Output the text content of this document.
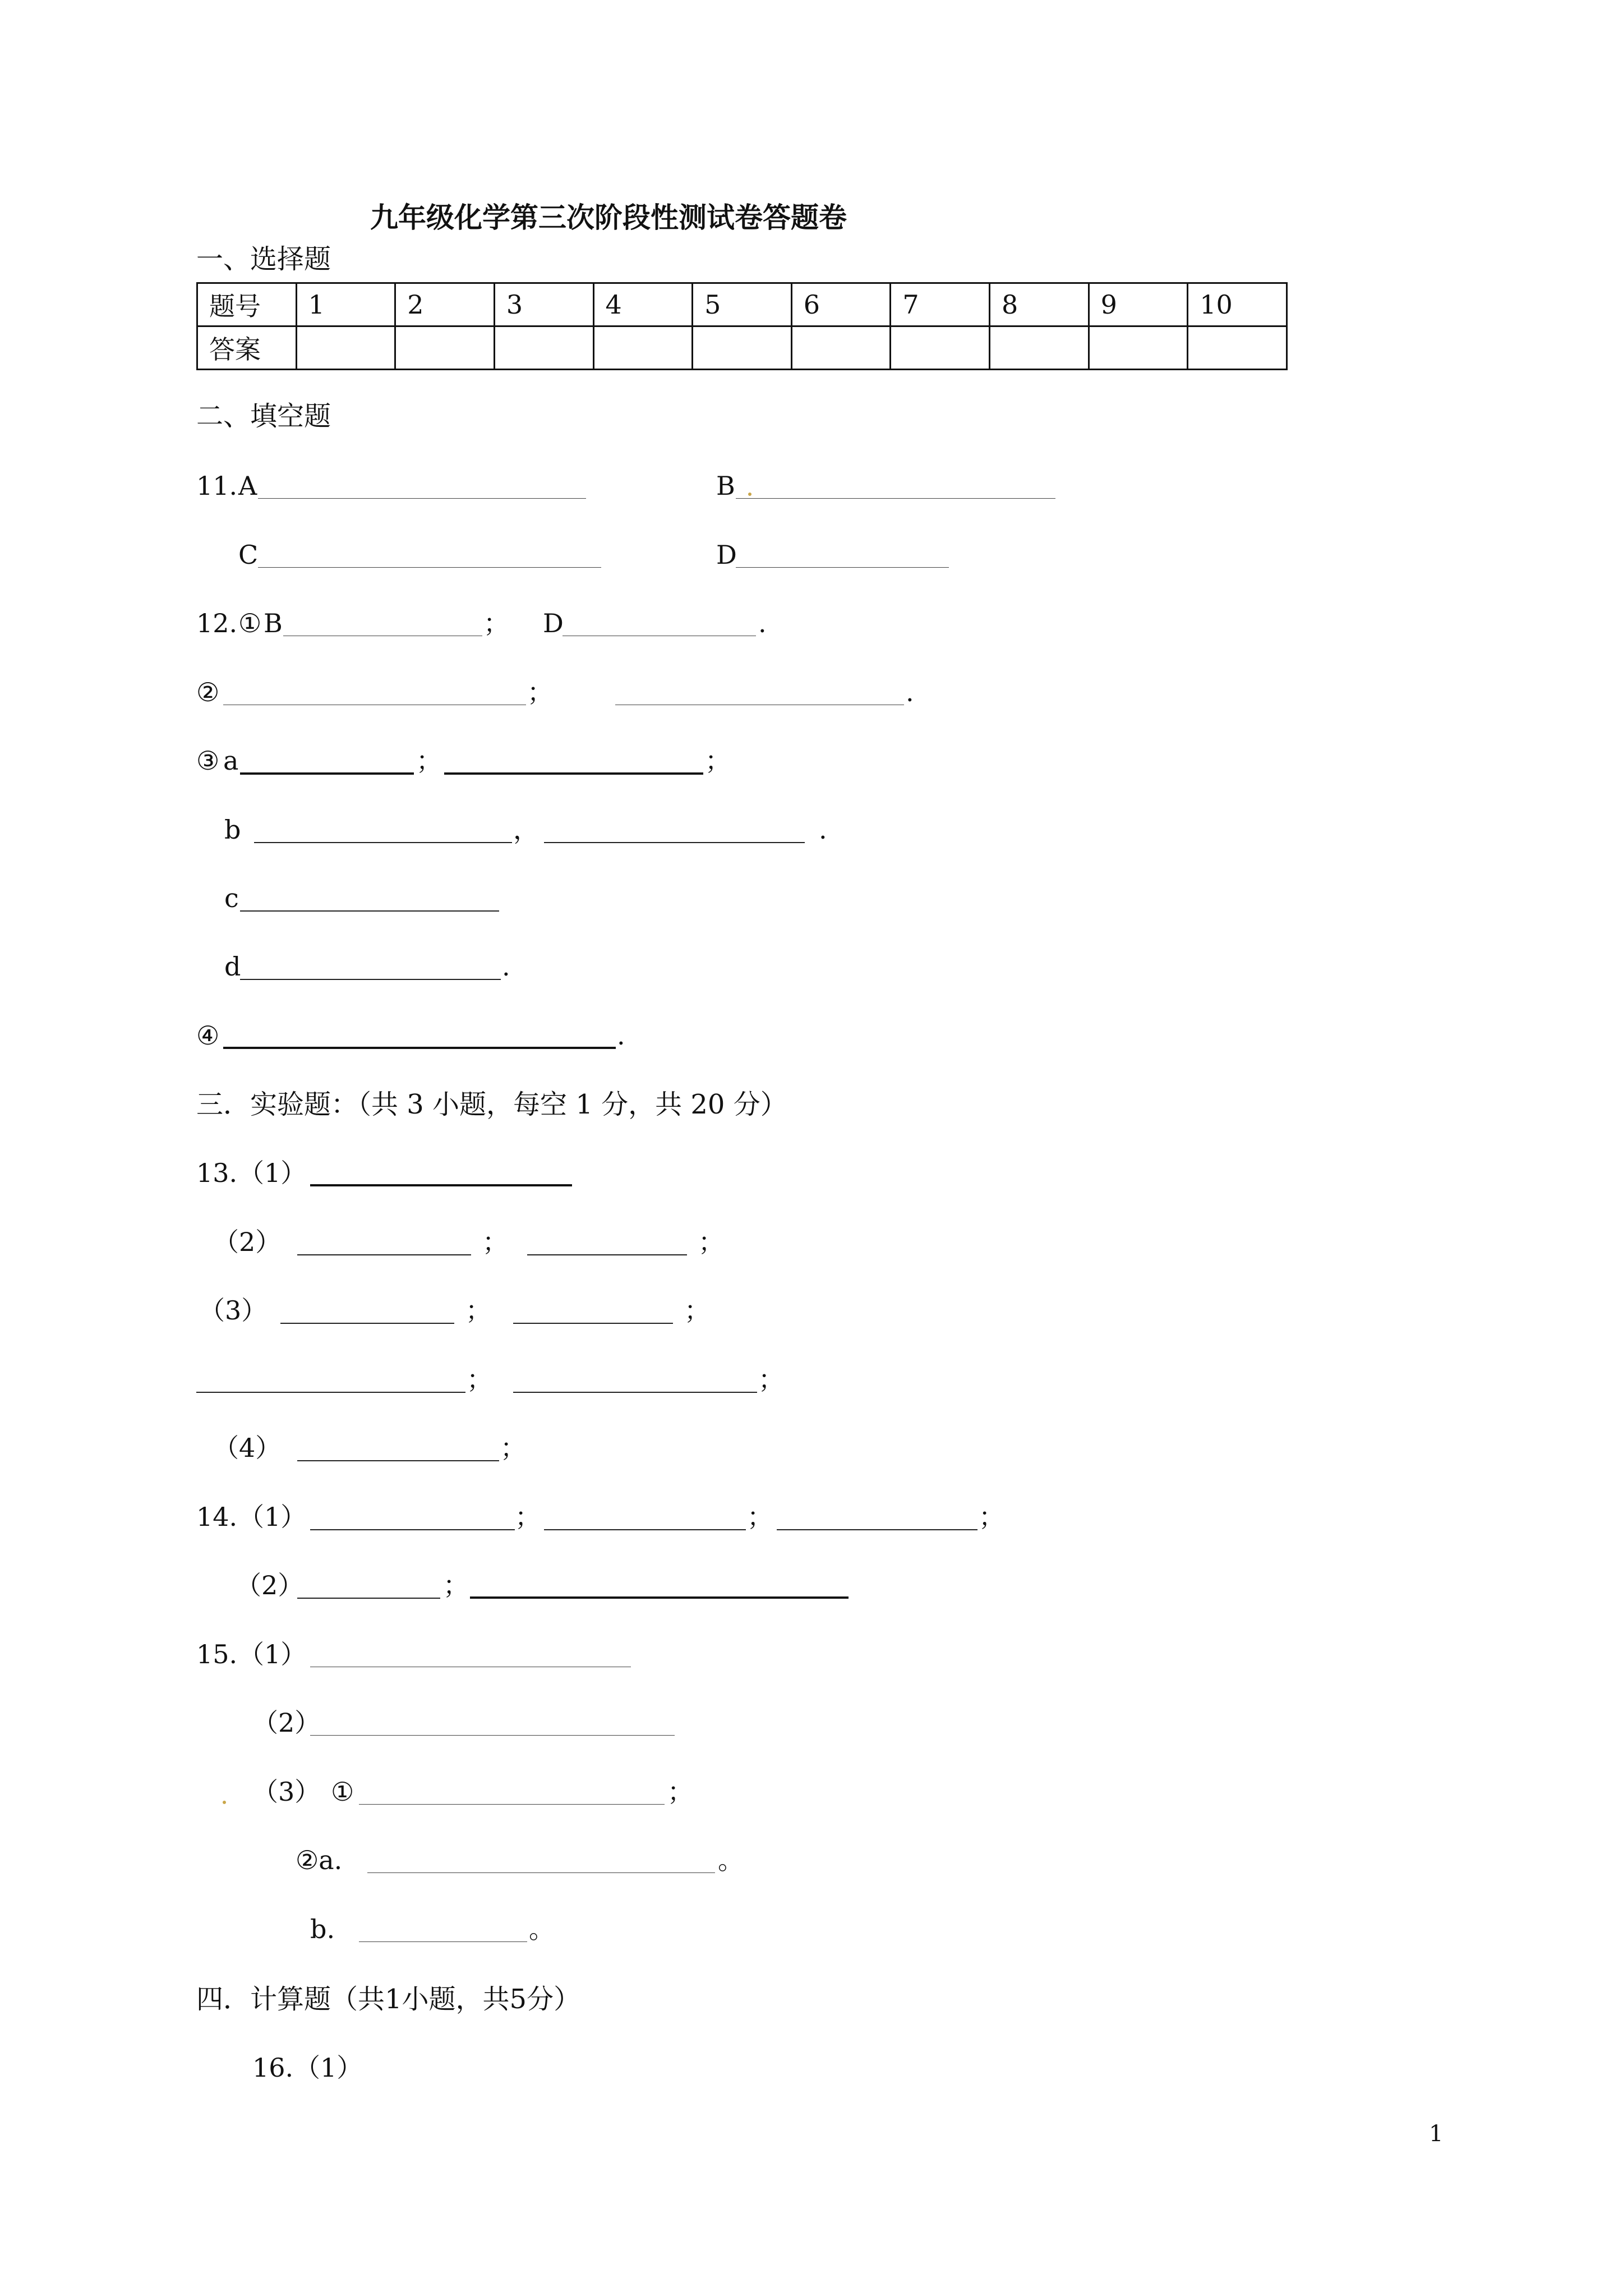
九年级化学第三次阶段性测试卷答题卷
一、选择题
题号	1	2	3	4	5	6	7	8	9	10
答案										
二、填空题
11. A	B
C	D
12. ① B	； D	.
②	；	.
③ a	；	；
b	，	.
c
d	.
④	.
三．实验题：（共 3 小题，每空 1 分，共 20 分）
13. （1）
（2）	；	；
（3）	；	；
；	；
（4）	；
14. （1）	；	；	；
（2）	；
15. （1）
（2）
（3） ①	；
②a.	。
b.	。
四．计算题（共1小题，共5分）
16. （1）
1
